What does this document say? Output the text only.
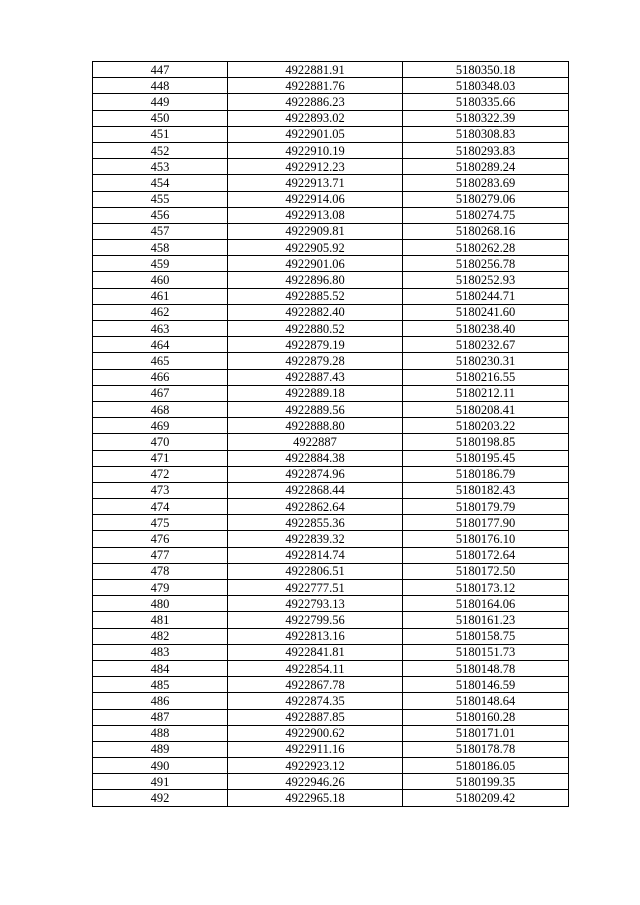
447	4922881.91	5180350.18
448	4922881.76	5180348.03
449	4922886.23	5180335.66
450	4922893.02	5180322.39
451	4922901.05	5180308.83
452	4922910.19	5180293.83
453	4922912.23	5180289.24
454	4922913.71	5180283.69
455	4922914.06	5180279.06
456	4922913.08	5180274.75
457	4922909.81	5180268.16
458	4922905.92	5180262.28
459	4922901.06	5180256.78
460	4922896.80	5180252.93
461	4922885.52	5180244.71
462	4922882.40	5180241.60
463	4922880.52	5180238.40
464	4922879.19	5180232.67
465	4922879.28	5180230.31
466	4922887.43	5180216.55
467	4922889.18	5180212.11
468	4922889.56	5180208.41
469	4922888.80	5180203.22
470	4922887	5180198.85
471	4922884.38	5180195.45
472	4922874.96	5180186.79
473	4922868.44	5180182.43
474	4922862.64	5180179.79
475	4922855.36	5180177.90
476	4922839.32	5180176.10
477	4922814.74	5180172.64
478	4922806.51	5180172.50
479	4922777.51	5180173.12
480	4922793.13	5180164.06
481	4922799.56	5180161.23
482	4922813.16	5180158.75
483	4922841.81	5180151.73
484	4922854.11	5180148.78
485	4922867.78	5180146.59
486	4922874.35	5180148.64
487	4922887.85	5180160.28
488	4922900.62	5180171.01
489	4922911.16	5180178.78
490	4922923.12	5180186.05
491	4922946.26	5180199.35
492	4922965.18	5180209.42
